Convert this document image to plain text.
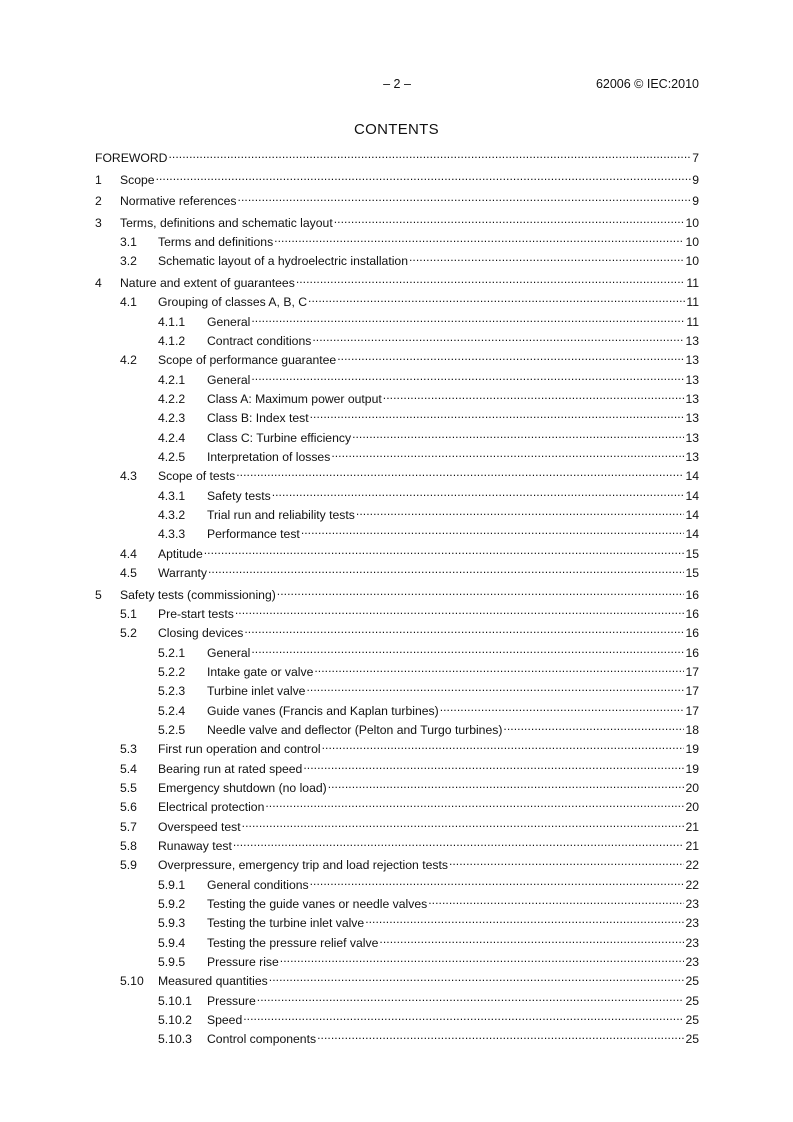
– 2 –	62006 © IEC:2010
CONTENTS
FOREWORD .....	7
1	Scope .....	9
2	Normative references .....	9
3	Terms, definitions and schematic layout .....	10
3.1	Terms and definitions .....	10
3.2	Schematic layout of a hydroelectric installation .....	10
4	Nature and extent of guarantees .....	11
4.1	Grouping of classes A, B, C .....	11
4.1.1	General .....	11
4.1.2	Contract conditions .....	13
4.2	Scope of performance guarantee .....	13
4.2.1	General .....	13
4.2.2	Class A: Maximum power output .....	13
4.2.3	Class B: Index test .....	13
4.2.4	Class C: Turbine efficiency .....	13
4.2.5	Interpretation of losses .....	13
4.3	Scope of tests .....	14
4.3.1	Safety tests .....	14
4.3.2	Trial run and reliability tests .....	14
4.3.3	Performance test .....	14
4.4	Aptitude .....	15
4.5	Warranty .....	15
5	Safety tests (commissioning) .....	16
5.1	Pre-start tests .....	16
5.2	Closing devices .....	16
5.2.1	General .....	16
5.2.2	Intake gate or valve .....	17
5.2.3	Turbine inlet valve .....	17
5.2.4	Guide vanes (Francis and Kaplan turbines) .....	17
5.2.5	Needle valve and deflector (Pelton and Turgo turbines) .....	18
5.3	First run operation and control .....	19
5.4	Bearing run at rated speed .....	19
5.5	Emergency shutdown (no load) .....	20
5.6	Electrical protection .....	20
5.7	Overspeed test .....	21
5.8	Runaway test .....	21
5.9	Overpressure, emergency trip and load rejection tests .....	22
5.9.1	General conditions .....	22
5.9.2	Testing the guide vanes or needle valves .....	23
5.9.3	Testing the turbine inlet valve .....	23
5.9.4	Testing the pressure relief valve .....	23
5.9.5	Pressure rise .....	23
5.10	Measured quantities .....	25
5.10.1	Pressure .....	25
5.10.2	Speed .....	25
5.10.3	Control components .....	25
